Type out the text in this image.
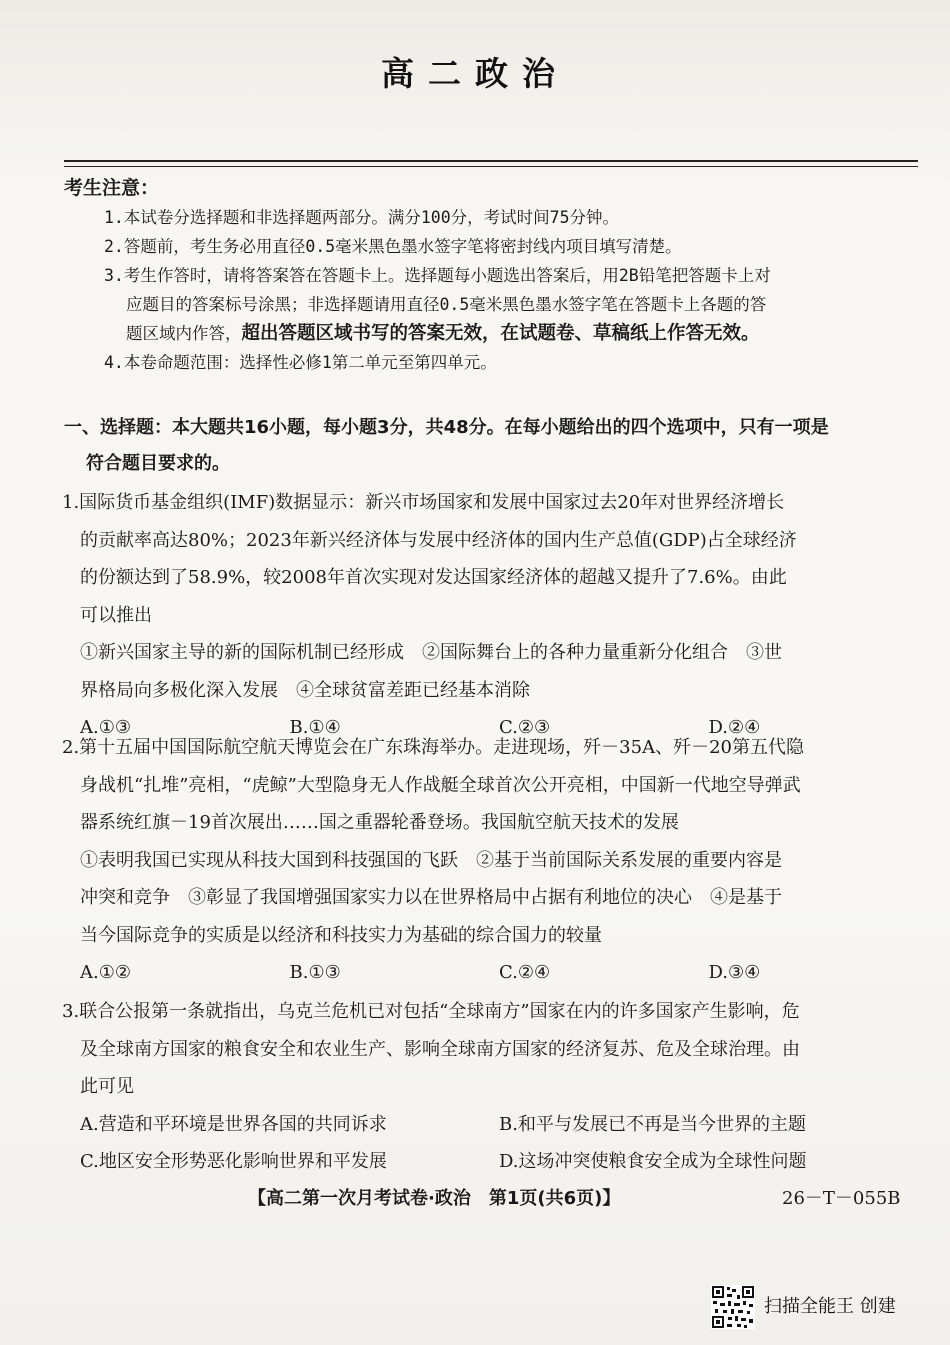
高二政治
考生注意：

1.本试卷分选择题和非选择题两部分。满分100分，考试时间75分钟。

2.答题前，考生务必用直径0.5毫米黑色墨水签字笔将密封线内项目填写清楚。

3.考生作答时，请将答案答在答题卡上。选择题每小题选出答案后，用2B铅笔把答题卡上对

应题目的答案标号涂黑；非选择题请用直径0.5毫米黑色墨水签字笔在答题卡上各题的答

题区域内作答，超出答题区域书写的答案无效，在试题卷、草稿纸上作答无效。

4.本卷命题范围：选择性必修1第二单元至第四单元。

一、选择题：本大题共16小题，每小题3分，共48分。在每小题给出的四个选项中，只有一项是
符合题目要求的。

1.国际货币基金组织(IMF)数据显示：新兴市场国家和发展中国家过去20年对世界经济增长

的贡献率高达80%；2023年新兴经济体与发展中经济体的国内生产总值(GDP)占全球经济

的份额达到了58.9%，较2008年首次实现对发达国家经济体的超越又提升了7.6%。由此

可以推出

①新兴国家主导的新的国际机制已经形成　②国际舞台上的各种力量重新分化组合　③世

界格局向多极化深入发展　④全球贫富差距已经基本消除

A.①③	B.①④	C.②③	D.②④

2.第十五届中国国际航空航天博览会在广东珠海举办。走进现场，歼－35A、歼－20第五代隐

身战机“扎堆”亮相，“虎鲸”大型隐身无人作战艇全球首次公开亮相，中国新一代地空导弹武

器系统红旗－19首次展出……国之重器轮番登场。我国航空航天技术的发展

①表明我国已实现从科技大国到科技强国的飞跃　②基于当前国际关系发展的重要内容是

冲突和竞争　③彰显了我国增强国家实力以在世界格局中占据有利地位的决心　④是基于

当今国际竞争的实质是以经济和科技实力为基础的综合国力的较量

A.①②	B.①③	C.②④	D.③④

3.联合公报第一条就指出，乌克兰危机已对包括“全球南方”国家在内的许多国家产生影响，危

及全球南方国家的粮食安全和农业生产、影响全球南方国家的经济复苏、危及全球治理。由

此可见

A.营造和平环境是世界各国的共同诉求	B.和平与发展已不再是当今世界的主题
C.地区安全形势恶化影响世界和平发展	D.这场冲突使粮食安全成为全球性问题
【高二第一次月考试卷·政治　第1页(共6页)】	26－T－055B
扫描全能王 创建
